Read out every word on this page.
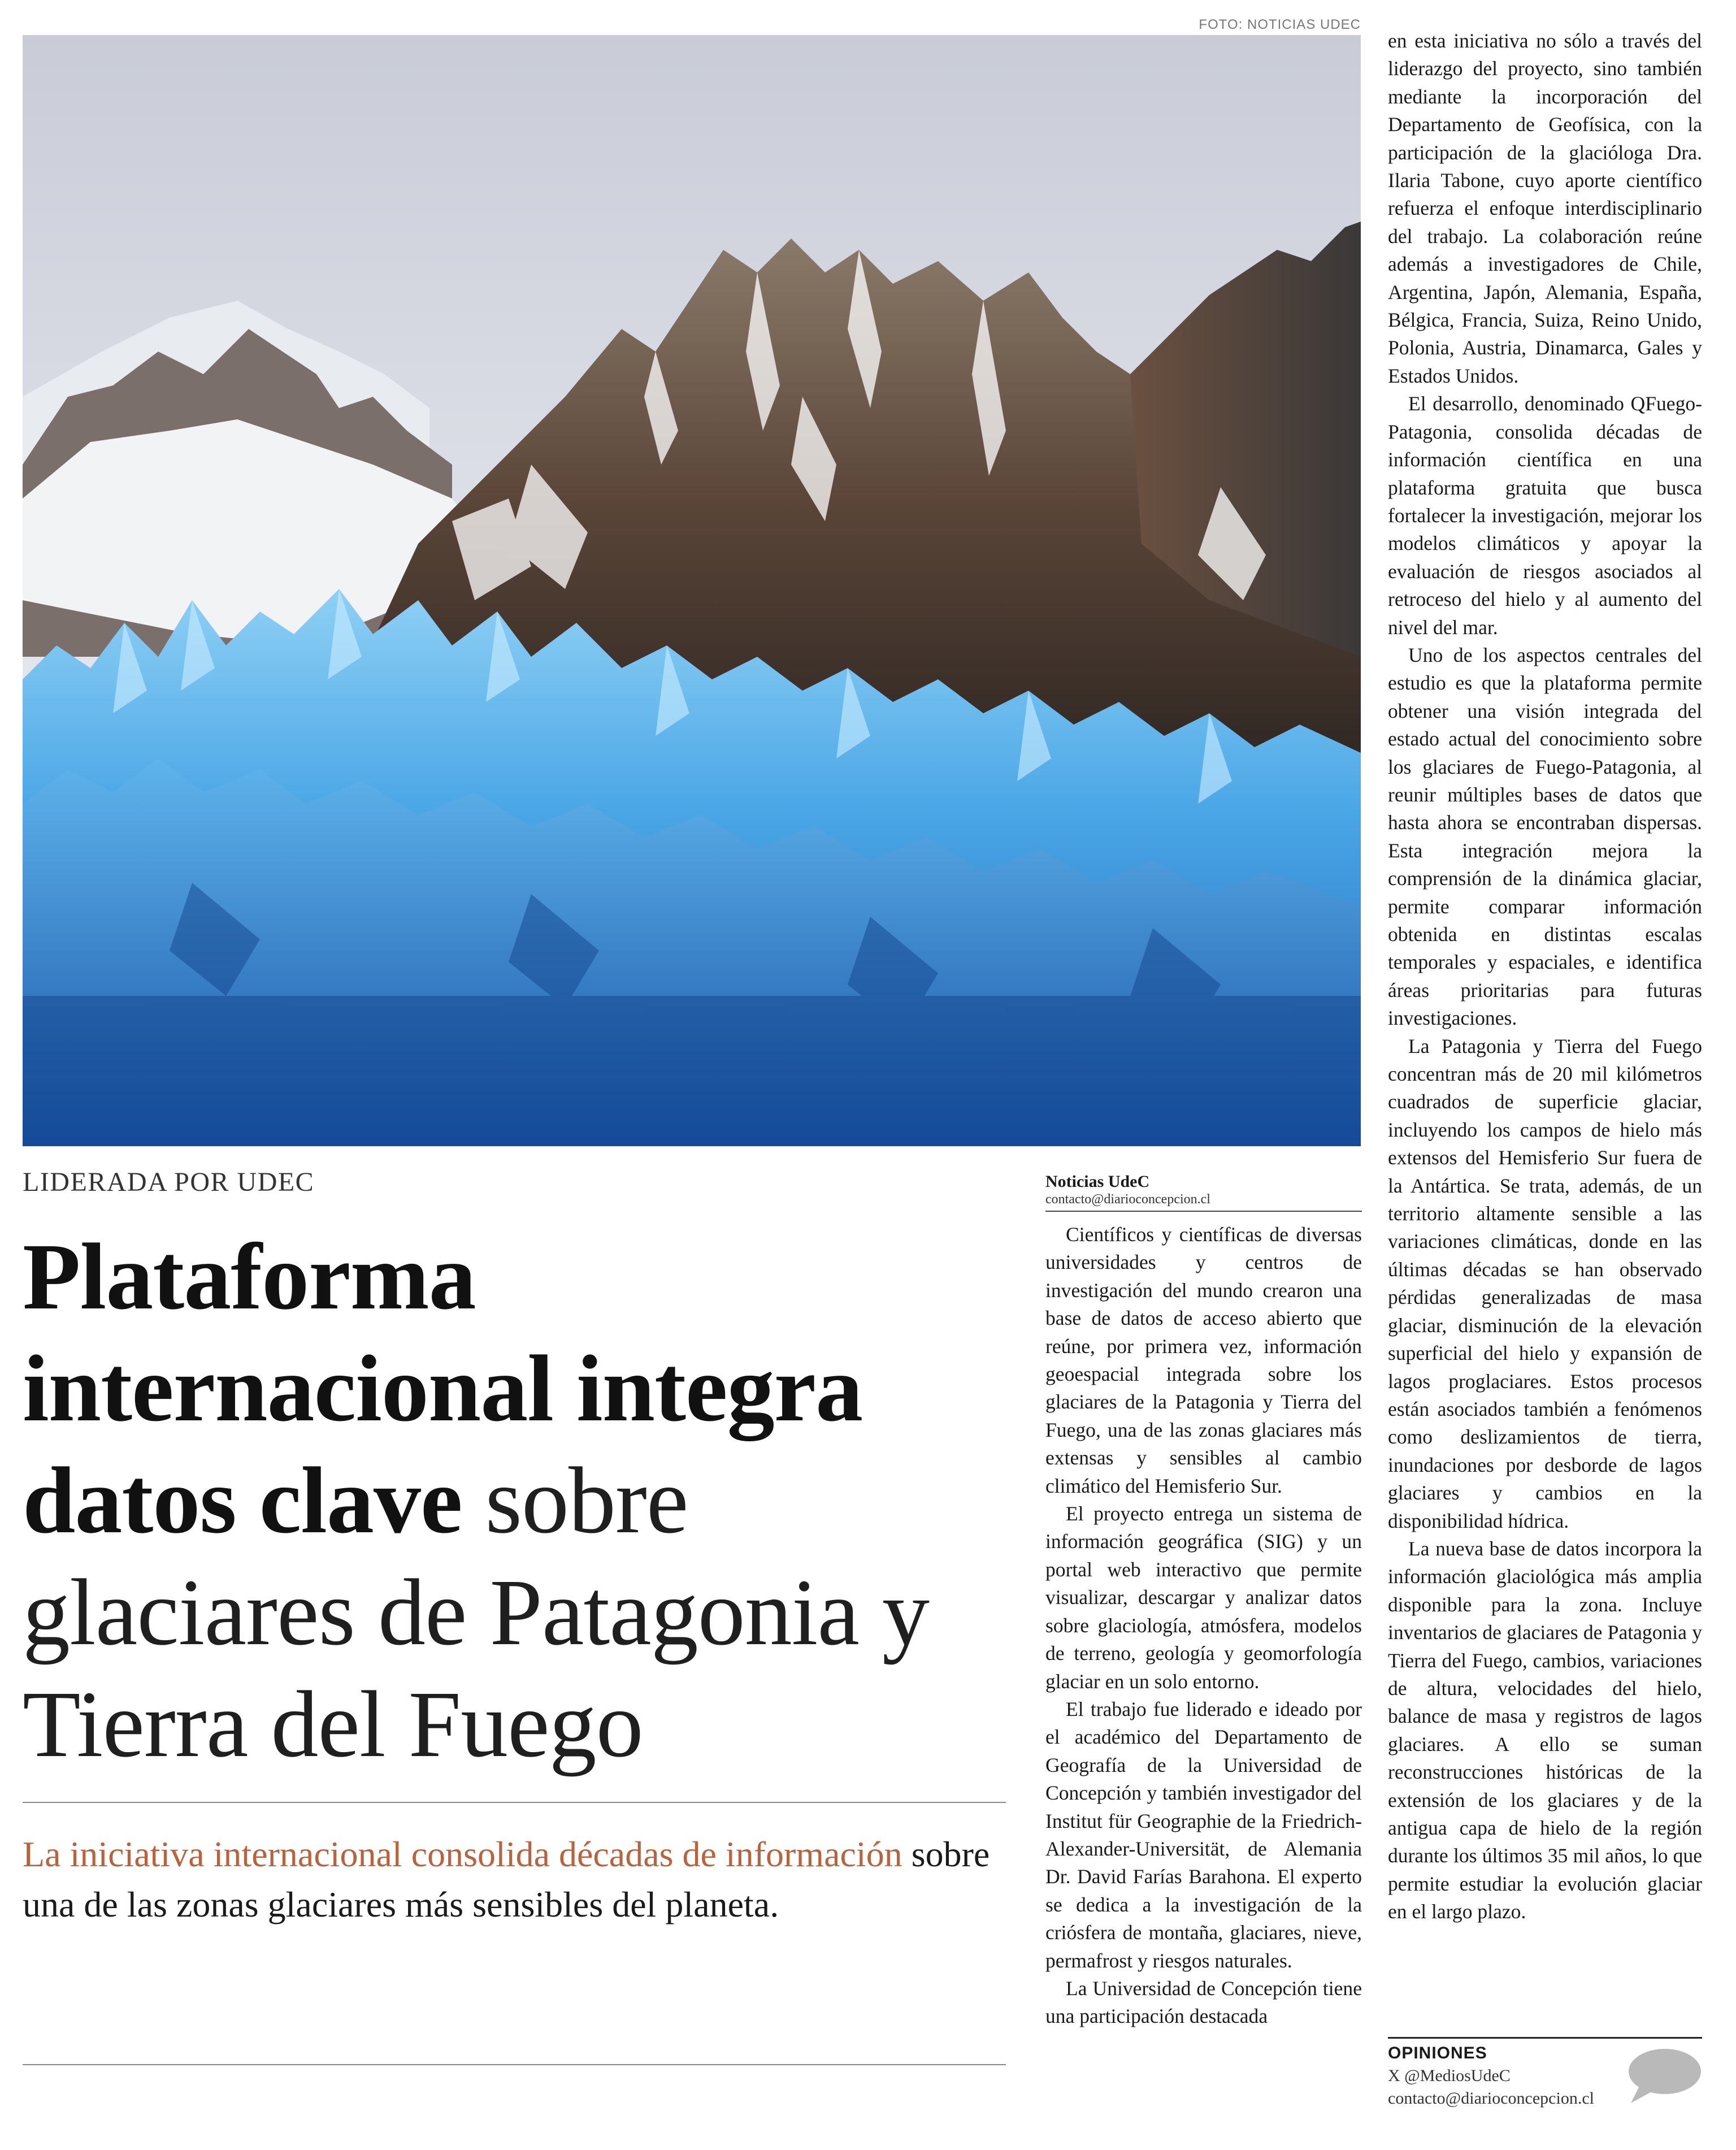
FOTO: NOTICIAS UDEC

en esta iniciativa no sólo a través del liderazgo del proyecto, sino también mediante la incorporación del Departamento de Geofísica, con la participación de la glacióloga Dra. Ilaria Tabone, cuyo aporte científico refuerza el enfoque interdisciplinario del trabajo. La colaboración reúne además a investigadores de Chile, Argentina, Japón, Alemania, España, Bélgica, Francia, Suiza, Reino Unido, Polonia, Austria, Dinamarca, Gales y Estados Unidos.

El desarrollo, denominado QFuego-Patagonia, consolida décadas de información científica en una plataforma gratuita que busca fortalecer la investigación, mejorar los modelos climáticos y apoyar la evaluación de riesgos asociados al retroceso del hielo y al aumento del nivel del mar.

Uno de los aspectos centrales del estudio es que la plataforma permite obtener una visión integrada del estado actual del conocimiento sobre los glaciares de Fuego-Patagonia, al reunir múltiples bases de datos que hasta ahora se encontraban dispersas. Esta integración mejora la comprensión de la dinámica glaciar, permite comparar información obtenida en distintas escalas temporales y espaciales, e identifica áreas prioritarias para futuras investigaciones.

La Patagonia y Tierra del Fuego concentran más de 20 mil kilómetros cuadrados de superficie glaciar, incluyendo los campos de hielo más extensos del Hemisferio Sur fuera de la Antártica. Se trata, además, de un territorio altamente sensible a las variaciones climáticas, donde en las últimas décadas se han observado pérdidas generalizadas de masa glaciar, disminución de la elevación superficial del hielo y expansión de lagos proglaciares. Estos procesos están asociados también a fenómenos como deslizamientos de tierra, inundaciones por desborde de lagos glaciares y cambios en la disponibilidad hídrica.

La nueva base de datos incorpora la información glaciológica más amplia disponible para la zona. Incluye inventarios de glaciares de Patagonia y Tierra del Fuego, cambios, variaciones de altura, velocidades del hielo, balance de masa y registros de lagos glaciares. A ello se suman reconstrucciones históricas de la extensión de los glaciares y de la antigua capa de hielo de la región durante los últimos 35 mil años, lo que permite estudiar la evolución glaciar en el largo plazo.

LIDERADA POR UDEC
Plataforma internacional integra datos clave sobre glaciares de Patagonia y Tierra del Fuego

La iniciativa internacional consolida décadas de información sobre una de las zonas glaciares más sensibles del planeta.

Noticias UdeC
contacto@diarioconcepcion.cl

Científicos y científicas de diversas universidades y centros de investigación del mundo crearon una base de datos de acceso abierto que reúne, por primera vez, información geoespacial integrada sobre los glaciares de la Patagonia y Tierra del Fuego, una de las zonas glaciares más extensas y sensibles al cambio climático del Hemisferio Sur.

El proyecto entrega un sistema de información geográfica (SIG) y un portal web interactivo que permite visualizar, descargar y analizar datos sobre glaciología, atmósfera, modelos de terreno, geología y geomorfología glaciar en un solo entorno.

El trabajo fue liderado e ideado por el académico del Departamento de Geografía de la Universidad de Concepción y también investigador del Institut für Geographie de la Friedrich-Alexander-Universität, de Alemania Dr. David Farías Barahona. El experto se dedica a la investigación de la criósfera de montaña, glaciares, nieve, permafrost y riesgos naturales.

La Universidad de Concepción tiene una participación destacada

OPINIONES
X @MediosUdeC
contacto@diarioconcepcion.cl
